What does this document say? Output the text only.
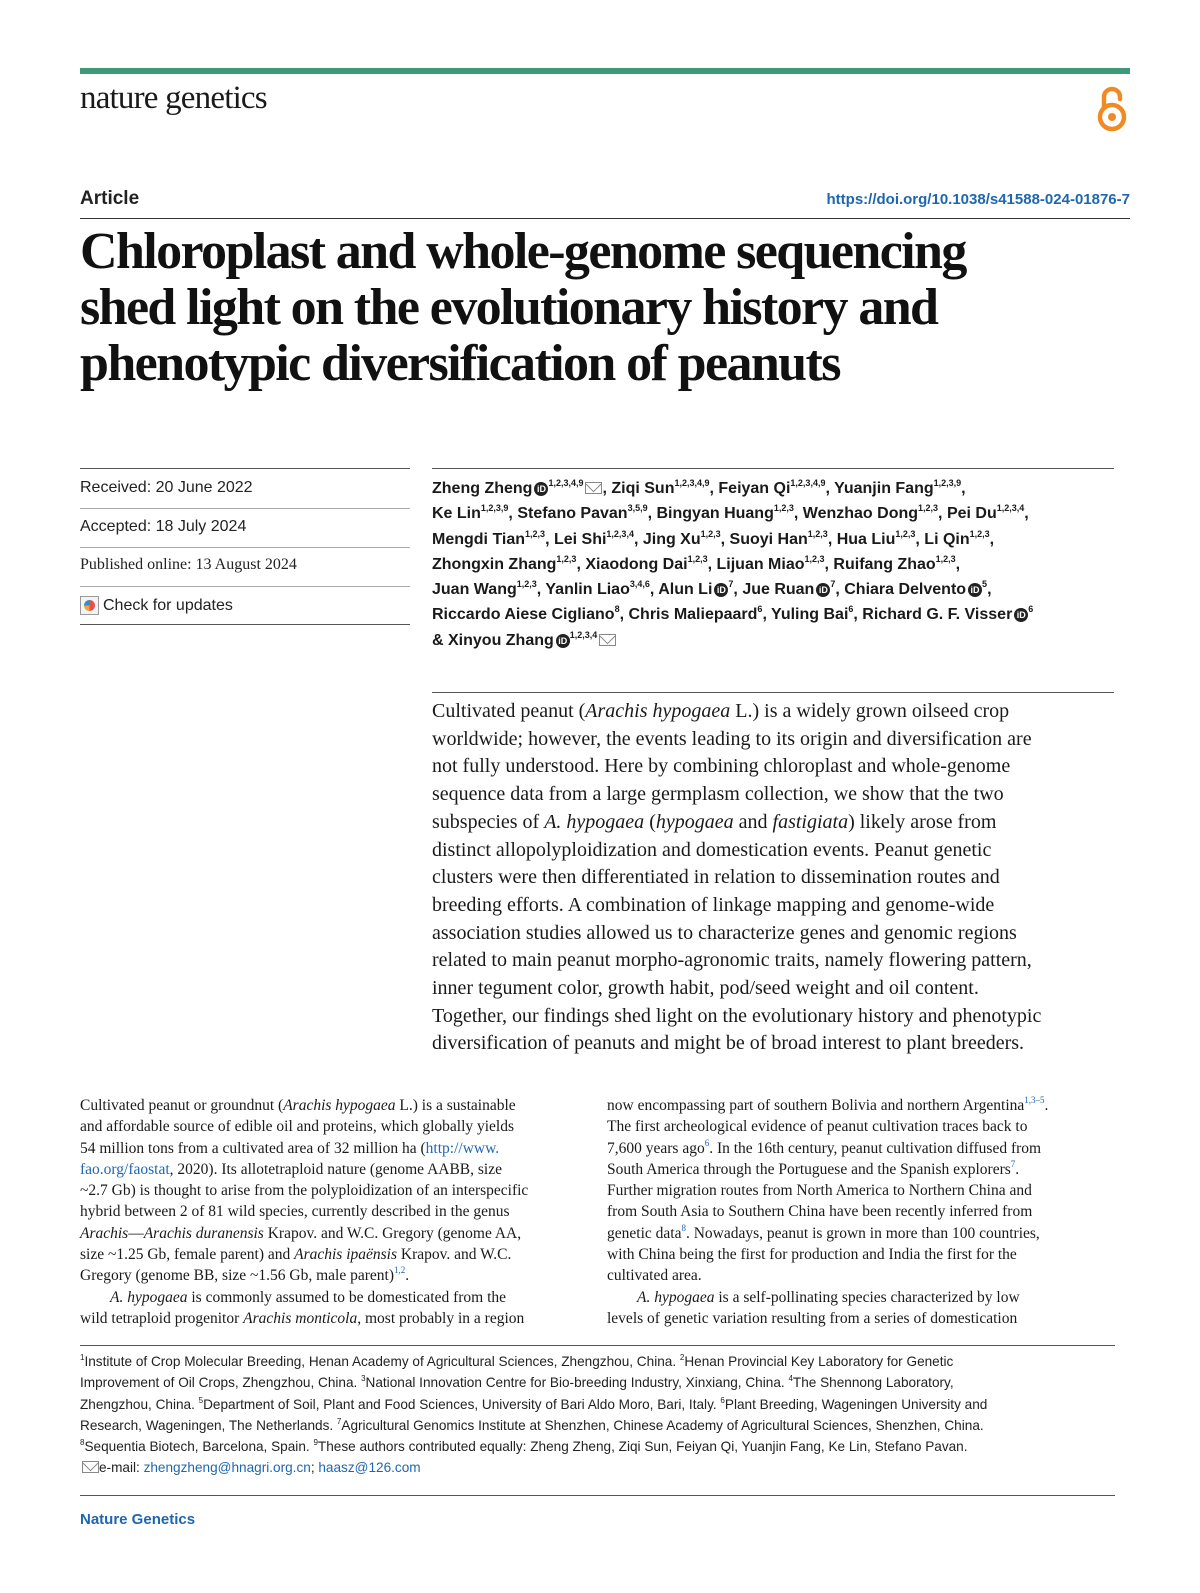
nature genetics
Article	https://doi.org/10.1038/s41588-024-01876-7
Chloroplast and whole-genome sequencing
shed light on the evolutionary history and
phenotypic diversification of peanuts
Received: 20 June 2022
Accepted: 18 July 2024
Published online: 13 August 2024
Check for updates
Zheng Zheng iD$^{1,2,3,4,9}$ , Ziqi Sun$^{1,2,3,4,9}$, Feiyan Qi$^{1,2,3,4,9}$, Yuanjin Fang$^{1,2,3,9}$,
Ke Lin$^{1,2,3,9}$, Stefano Pavan$^{3,5,9}$, Bingyan Huang$^{1,2,3}$, Wenzhao Dong$^{1,2,3}$, Pei Du$^{1,2,3,4}$,
Mengdi Tian$^{1,2,3}$, Lei Shi$^{1,2,3,4}$, Jing Xu$^{1,2,3}$, Suoyi Han$^{1,2,3}$, Hua Liu$^{1,2,3}$, Li Qin$^{1,2,3}$,
Zhongxin Zhang$^{1,2,3}$, Xiaodong Dai$^{1,2,3}$, Lijuan Miao$^{1,2,3}$, Ruifang Zhao$^{1,2,3}$,
Juan Wang$^{1,2,3}$, Yanlin Liao$^{3,4,6}$, Alun Li $iD^7$, Jue Ruan $iD^7$, Chiara Delvento $iD^5$,
Riccardo Aiese Cigliano$^8$, Chris Maliepaard$^6$, Yuling Bai$^6$, Richard G. F. Visser $iD^6$
& Xinyou Zhang iD$^{1,2,3,4}$
Cultivated peanut (Arachis hypogaea L.) is a widely grown oilseed crop
worldwide; however, the events leading to its origin and diversification are
not fully understood. Here by combining chloroplast and whole-genome
sequence data from a large germplasm collection, we show that the two
subspecies of A. hypogaea (hypogaea and fastigiata) likely arose from
distinct allopolyploidization and domestication events. Peanut genetic
clusters were then differentiated in relation to dissemination routes and
breeding efforts. A combination of linkage mapping and genome-wide
association studies allowed us to characterize genes and genomic regions
related to main peanut morpho-agronomic traits, namely flowering pattern,
inner tegument color, growth habit, pod/seed weight and oil content.
Together, our findings shed light on the evolutionary history and phenotypic
diversification of peanuts and might be of broad interest to plant breeders.
Cultivated peanut or groundnut (Arachis hypogaea L.) is a sustainable
and affordable source of edible oil and proteins, which globally yields
54 million tons from a cultivated area of 32 million ha (http://www.
fao.org/faostat, 2020). Its allotetraploid nature (genome AABB, size
~2.7 Gb) is thought to arise from the polyploidization of an interspecific
hybrid between 2 of 81 wild species, currently described in the genus
Arachis—Arachis duranensis Krapov. and W.C. Gregory (genome AA,
size ~1.25 Gb, female parent) and Arachis ipaënsis Krapov. and W.C.
Gregory (genome BB, size ~1.56 Gb, male parent)$^{1,2}$.
A. hypogaea is commonly assumed to be domesticated from the
wild tetraploid progenitor Arachis monticola, most probably in a region
now encompassing part of southern Bolivia and northern Argentina$^{1,3-5}$.
The first archeological evidence of peanut cultivation traces back to
7,600 years ago$^6$. In the 16th century, peanut cultivation diffused from
South America through the Portuguese and the Spanish explorers$^7$.
Further migration routes from North America to Northern China and
from South Asia to Southern China have been recently inferred from
genetic data$^8$. Nowadays, peanut is grown in more than 100 countries,
with China being the first for production and India the first for the
cultivated area.
A. hypogaea is a self-pollinating species characterized by low
levels of genetic variation resulting from a series of domestication
$^1$Institute of Crop Molecular Breeding, Henan Academy of Agricultural Sciences, Zhengzhou, China. $^2$Henan Provincial Key Laboratory for Genetic
Improvement of Oil Crops, Zhengzhou, China. $^3$National Innovation Centre for Bio-breeding Industry, Xinxiang, China. $^4$The Shennong Laboratory,
Zhengzhou, China. $^5$Department of Soil, Plant and Food Sciences, University of Bari Aldo Moro, Bari, Italy. $^6$Plant Breeding, Wageningen University and
Research, Wageningen, The Netherlands. $^7$Agricultural Genomics Institute at Shenzhen, Chinese Academy of Agricultural Sciences, Shenzhen, China.
$^8$Sequentia Biotech, Barcelona, Spain. $^9$These authors contributed equally: Zheng Zheng, Ziqi Sun, Feiyan Qi, Yuanjin Fang, Ke Lin, Stefano Pavan.
e-mail: zhengzheng@hnagri.org.cn; haasz@126.com
Nature Genetics
